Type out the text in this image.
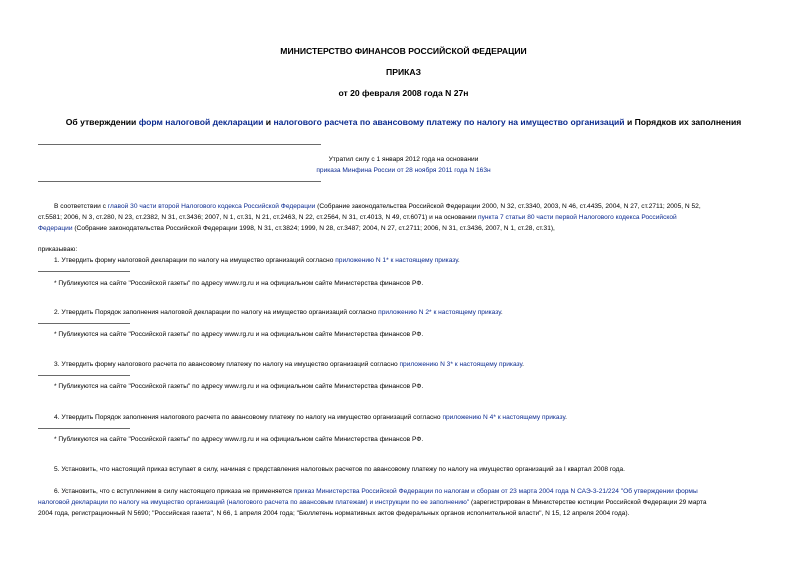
МИНИСТЕРСТВО ФИНАНСОВ РОССИЙСКОЙ ФЕДЕРАЦИИ
ПРИКАЗ
от 20 февраля 2008 года N 27н
Об утверждении форм налоговой декларации и налогового расчета по авансовому платежу по налогу на имущество организаций и Порядков их заполнения
Утратил силу с 1 января 2012 года на основании
приказа Минфина России от 28 ноября 2011 года N 163н
В соответствии с главой 30 части второй Налогового кодекса Российской Федерации (Собрание законодательства Российской Федерации 2000, N 32, ст.3340, 2003, N 46, ст.4435, 2004, N 27, ст.2711; 2005, N 52,
ст.5581; 2006, N 3, ст.280, N 23, ст.2382, N 31, ст.3436; 2007, N 1, ст.31, N 21, ст.2463, N 22, ст.2564, N 31, ст.4013, N 49, ст.6071) и на основании пункта 7 статьи 80 части первой Налогового кодекса Российской
Федерации (Собрание законодательства Российской Федерации 1998, N 31, ст.3824; 1999, N 28, ст.3487; 2004, N 27, ст.2711; 2006, N 31, ст.3436, 2007, N 1, ст.28, ст.31),
приказываю:
1. Утвердить форму налоговой декларации по налогу на имущество организаций согласно приложению N 1* к настоящему приказу.
* Публикуются на сайте "Российской газеты" по адресу www.rg.ru и на официальном сайте Министерства финансов РФ.
2. Утвердить Порядок заполнения налоговой декларации по налогу на имущество организаций согласно приложению N 2* к настоящему приказу.
* Публикуются на сайте "Российской газеты" по адресу www.rg.ru и на официальном сайте Министерства финансов РФ.
3. Утвердить форму налогового расчета по авансовому платежу по налогу на имущество организаций согласно приложению N 3* к настоящему приказу.
* Публикуются на сайте "Российской газеты" по адресу www.rg.ru и на официальном сайте Министерства финансов РФ.
4. Утвердить Порядок заполнения налогового расчета по авансовому платежу по налогу на имущество организаций согласно приложению N 4* к настоящему приказу.
* Публикуются на сайте "Российской газеты" по адресу www.rg.ru и на официальном сайте Министерства финансов РФ.
5. Установить, что настоящий приказ вступает в силу, начиная с представления налоговых расчетов по авансовому платежу по налогу на имущество организаций за I квартал 2008 года.
6. Установить, что с вступлением в силу настоящего приказа не применяется приказ Министерства Российской Федерации по налогам и сборам от 23 марта 2004 года N САЭ-3-21/224 "Об утверждении формы
налоговой декларации по налогу на имущество организаций (налогового расчета по авансовым платежам) и инструкции по ее заполнению" (зарегистрирован в Министерстве юстиции Российской Федерации 29 марта
2004 года, регистрационный N 5690; "Российская газета", N 66, 1 апреля 2004 года; "Бюллетень нормативных актов федеральных органов исполнительной власти", N 15, 12 апреля 2004 года).
